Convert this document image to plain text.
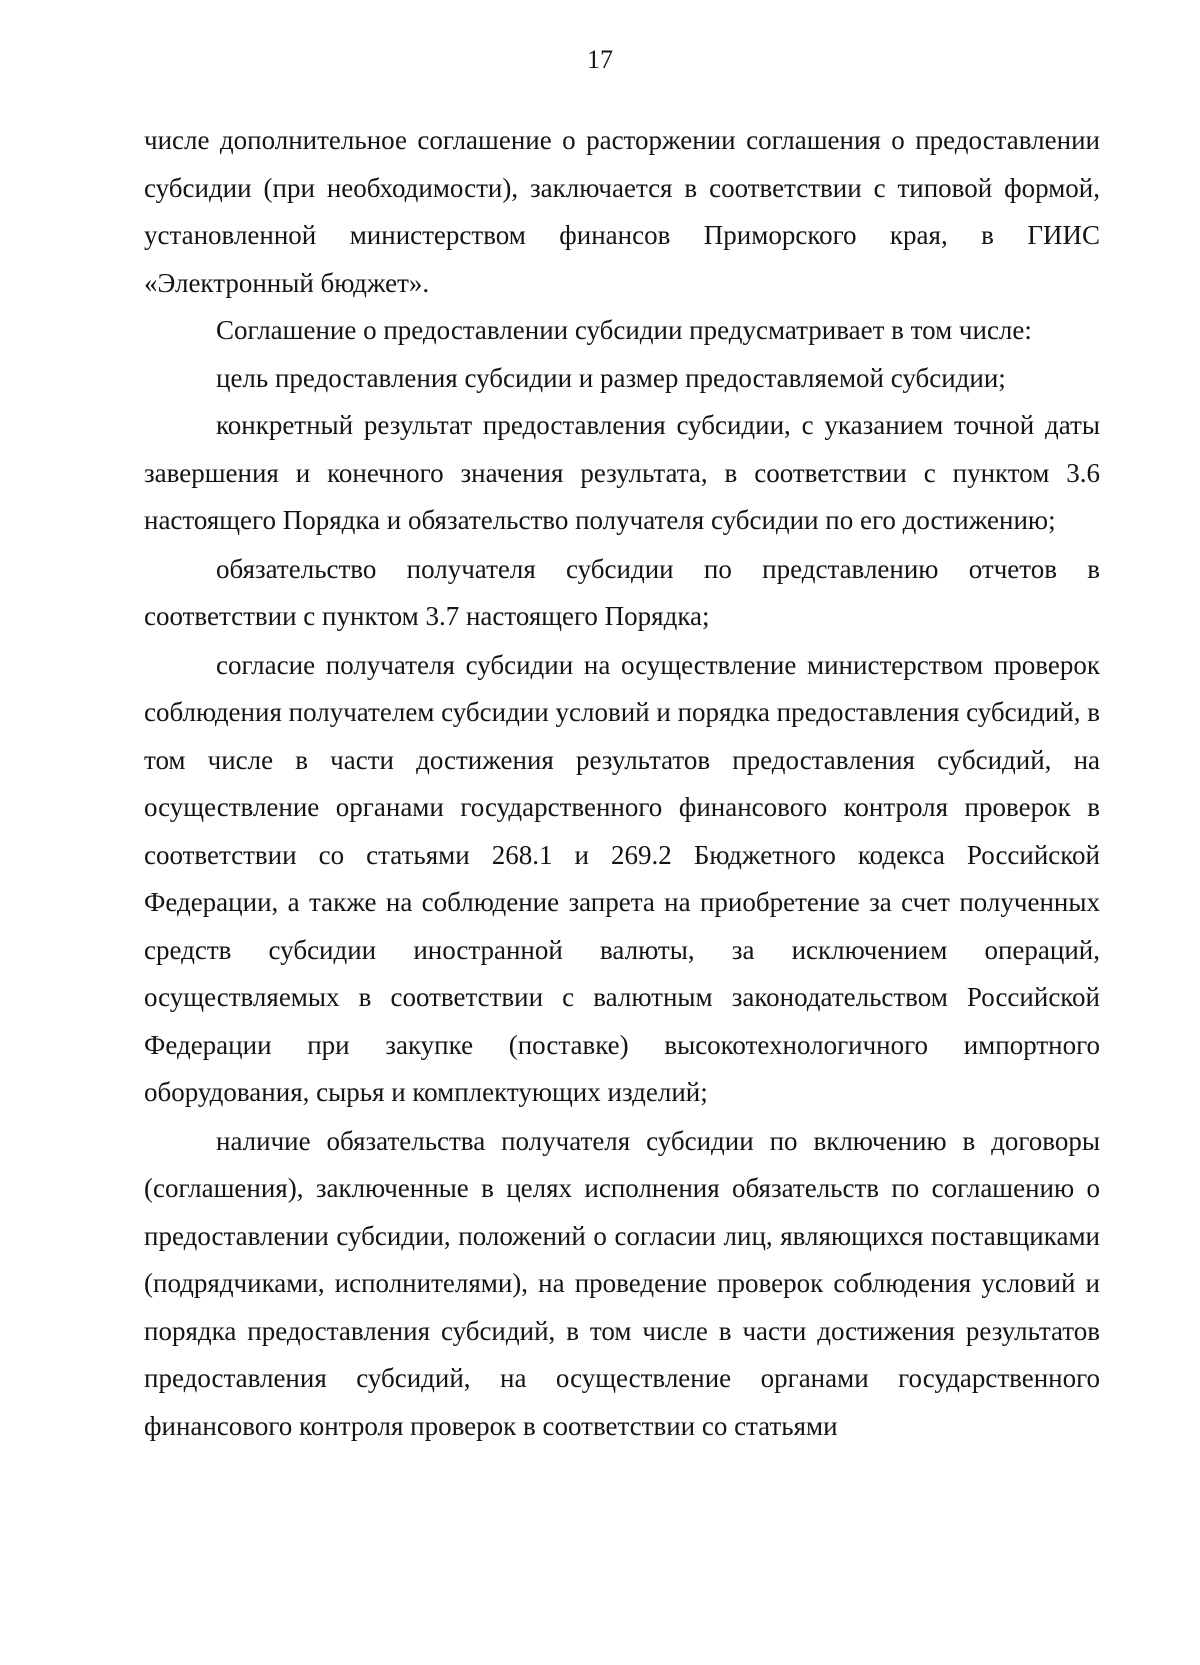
17

числе дополнительное соглашение о расторжении соглашения о предоставлении субсидии (при необходимости), заключается в соответствии с типовой формой, установленной министерством финансов Приморского края, в ГИИС «Электронный бюджет».

Соглашение о предоставлении субсидии предусматривает в том числе:

цель предоставления субсидии и размер предоставляемой субсидии;

конкретный результат предоставления субсидии, с указанием точной даты завершения и конечного значения результата, в соответствии с пунктом 3.6 настоящего Порядка и обязательство получателя субсидии по его достижению;

обязательство получателя субсидии по представлению отчетов в соответствии с пунктом 3.7 настоящего Порядка;

согласие получателя субсидии на осуществление министерством проверок соблюдения получателем субсидии условий и порядка предоставления субсидий, в том числе в части достижения результатов предоставления субсидий, на осуществление органами государственного финансового контроля проверок в соответствии со статьями 268.1 и 269.2 Бюджетного кодекса Российской Федерации, а также на соблюдение запрета на приобретение за счет полученных средств субсидии иностранной валюты, за исключением операций, осуществляемых в соответствии с валютным законодательством Российской Федерации при закупке (поставке) высокотехнологичного импортного оборудования, сырья и комплектующих изделий;

наличие обязательства получателя субсидии по включению в договоры (соглашения), заключенные в целях исполнения обязательств по соглашению о предоставлении субсидии, положений о согласии лиц, являющихся поставщиками (подрядчиками, исполнителями), на проведение проверок соблюдения условий и порядка предоставления субсидий, в том числе в части достижения результатов предоставления субсидий, на осуществление органами государственного финансового контроля проверок в соответствии со статьями
